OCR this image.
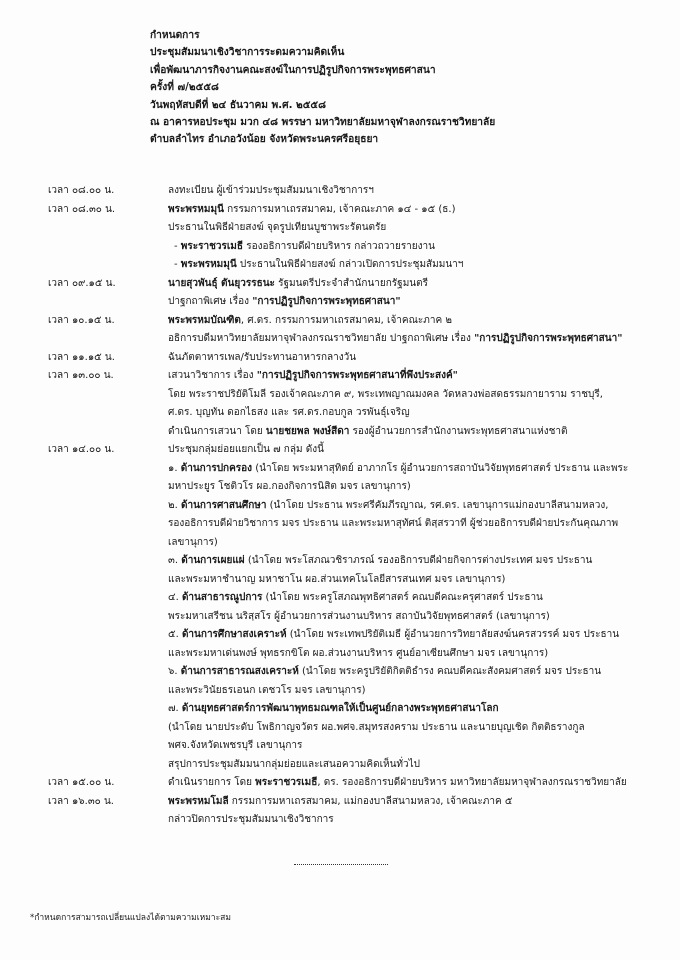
กำหนดการ
ประชุมสัมมนาเชิงวิชาการระดมความคิดเห็น
เพื่อพัฒนาภารกิจงานคณะสงฆ์ในการปฏิรูปกิจการพระพุทธศาสนา
ครั้งที่ ๗/๒๕๕๘
วันพฤหัสบดีที่ ๒๔ ธันวาคม พ.ศ. ๒๕๕๘
ณ อาคารหอประชุม มวก ๔๘ พรรษา มหาวิทยาลัยมหาจุฬาลงกรณราชวิทยาลัย
ตำบลลำไทร อำเภอวังน้อย จังหวัดพระนครศรีอยุธยา
เวลา ๐๘.๐๐ น.	ลงทะเบียน ผู้เข้าร่วมประชุมสัมมนาเชิงวิชาการฯ
เวลา ๐๘.๓๐ น.	พระพรหมมุนี กรรมการมหาเถรสมาคม, เจ้าคณะภาค ๑๔ - ๑๕ (ธ.)
ประธานในพิธีฝ่ายสงฆ์ จุดรูปเทียนบูชาพระรัตนตรัย
- พระราชวรเมธี รองอธิการบดีฝ่ายบริหาร กล่าวถวายรายงาน
- พระพรหมมุนี ประธานในพิธีฝ่ายสงฆ์ กล่าวเปิดการประชุมสัมมนาฯ
เวลา ๐๙.๑๕ น.	นายสุวพันธุ์ ตันยุวรรธนะ รัฐมนตรีประจำสำนักนายกรัฐมนตรี
ปาฐกถาพิเศษ เรื่อง "การปฏิรูปกิจการพระพุทธศาสนา"
เวลา ๑๐.๑๕ น.	พระพรหมบัณฑิต, ศ.ดร. กรรมการมหาเถรสมาคม, เจ้าคณะภาค ๒
อธิการบดีมหาวิทยาลัยมหาจุฬาลงกรณราชวิทยาลัย ปาฐกถาพิเศษ เรื่อง "การปฏิรูปกิจการพระพุทธศาสนา"
เวลา ๑๑.๑๕ น.	ฉันภัตตาหารเพล/รับประทานอาหารกลางวัน
เวลา ๑๓.๐๐ น.	เสวนาวิชาการ เรื่อง "การปฏิรูปกิจการพระพุทธศาสนาที่พึงประสงค์"
โดย พระราชปริยัติโมลี รองเจ้าคณะภาค ๙, พระเทพญาณมงคล วัดหลวงพ่อสดธรรมกายาราม ราชบุรี,
ศ.ดร. บุญทัน ดอกไธสง และ รศ.ดร.กอบกูล วรพันธุ์เจริญ
ดำเนินการเสวนา โดย นายชยพล พงษ์สีดา รองผู้อำนวยการสำนักงานพระพุทธศาสนาแห่งชาติ
เวลา ๑๔.๐๐ น.	ประชุมกลุ่มย่อยแยกเป็น ๗ กลุ่ม ดังนี้
๑. ด้านการปกครอง (นำโดย พระมหาสุทิตย์ อาภากโร ผู้อำนวยการสถาบันวิจัยพุทธศาสตร์ ประธาน และพระ
มหาประยูร โชติวโร ผอ.กองกิจการนิสิต มจร เลขานุการ)
๒. ด้านการศาสนศึกษา (นำโดย ประธาน พระศรีคัมภีรญาณ, รศ.ดร. เลขานุการแม่กองบาลีสนามหลวง,
รองอธิการบดีฝ่ายวิชาการ มจร ประธาน และพระมหาสุทัศน์ ติสฺสรวาที ผู้ช่วยอธิการบดีฝ่ายประกันคุณภาพ
เลขานุการ)
๓. ด้านการเผยแผ่ (นำโดย พระโสภณวชิราภรณ์ รองอธิการบดีฝ่ายกิจการต่างประเทศ มจร ประธาน
และพระมหาชำนาญ มหาชาโน ผอ.ส่วนเทคโนโลยีสารสนเทศ มจร เลขานุการ)
๔. ด้านสาธารณูปการ (นำโดย พระครูโสภณพุทธิศาสตร์ คณบดีคณะครุศาสตร์ ประธาน
พระมหาเสรีชน นริสฺสโร ผู้อำนวยการส่วนงานบริหาร สถาบันวิจัยพุทธศาสตร์ (เลขานุการ)
๕. ด้านการศึกษาสงเคราะห์ (นำโดย พระเทพปริยัติเมธี ผู้อำนวยการวิทยาลัยสงฆ์นครสวรรค์ มจร ประธาน
และพระมหาเด่นพงษ์ พุทธรกขิโต ผอ.ส่วนงานบริหาร ศูนย์อาเซียนศึกษา มจร เลขานุการ)
๖. ด้านการสาธารณสงเคราะห์ (นำโดย พระครูปริยัติกิตติธำรง คณบดีคณะสังคมศาสตร์ มจร ประธาน
และพระวินัยธรเอนก เตชวโร มจร เลขานุการ)
๗. ด้านยุทธศาสตร์การพัฒนาพุทธมณฑลให้เป็นศูนย์กลางพระพุทธศาสนาโลก
(นำโดย นายประดับ โพธิกาญจวัตร ผอ.พศจ.สมุทรสงคราม ประธาน และนายบุญเชิด กิตติธรางกูล
พศจ.จังหวัดเพชรบุรี เลขานุการ
สรุปการประชุมสัมมนากลุ่มย่อยและเสนอความคิดเห็นทั่วไป
เวลา ๑๕.๐๐ น.	ดำเนินรายการ โดย พระราชวรเมธี, ดร. รองอธิการบดีฝ่ายบริหาร มหาวิทยาลัยมหาจุฬาลงกรณราชวิทยาลัย
เวลา ๑๖.๓๐ น.	พระพรหมโมลี กรรมการมหาเถรสมาคม, แม่กองบาลีสนามหลวง, เจ้าคณะภาค ๕
กล่าวปิดการประชุมสัมมนาเชิงวิชาการ
*กำหนดการสามารถเปลี่ยนแปลงได้ตามความเหมาะสม
